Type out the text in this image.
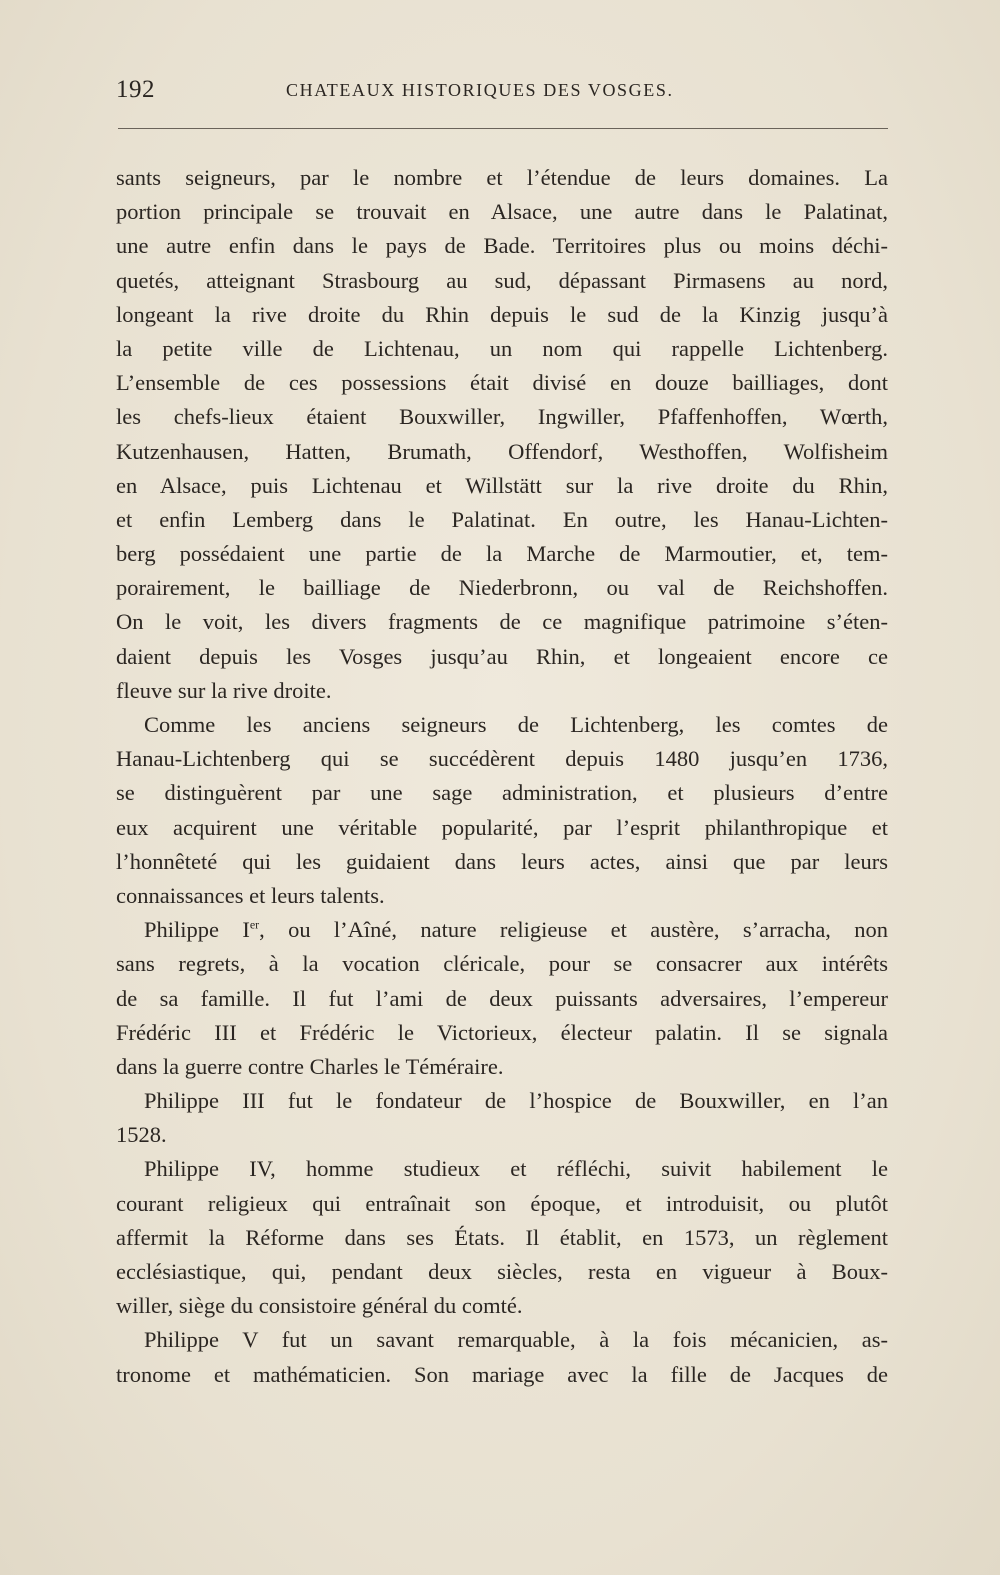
192	CHATEAUX HISTORIQUES DES VOSGES.
sants seigneurs, par le nombre et l’étendue de leurs domaines. La
portion principale se trouvait en Alsace, une autre dans le Palatinat,
une autre enfin dans le pays de Bade. Territoires plus ou moins déchi-
quetés, atteignant Strasbourg au sud, dépassant Pirmasens au nord,
longeant la rive droite du Rhin depuis le sud de la Kinzig jusqu’à
la petite ville de Lichtenau, un nom qui rappelle Lichtenberg.
L’ensemble de ces possessions était divisé en douze bailliages, dont
les chefs-lieux étaient Bouxwiller, Ingwiller, Pfaffenhoffen, Wœrth,
Kutzenhausen, Hatten, Brumath, Offendorf, Westhoffen, Wolfisheim
en Alsace, puis Lichtenau et Willstätt sur la rive droite du Rhin,
et enfin Lemberg dans le Palatinat. En outre, les Hanau-Lichten-
berg possédaient une partie de la Marche de Marmoutier, et, tem-
porairement, le bailliage de Niederbronn, ou val de Reichshoffen.
On le voit, les divers fragments de ce magnifique patrimoine s’éten-
daient depuis les Vosges jusqu’au Rhin, et longeaient encore ce
fleuve sur la rive droite.
Comme les anciens seigneurs de Lichtenberg, les comtes de
Hanau-Lichtenberg qui se succédèrent depuis 1480 jusqu’en 1736,
se distinguèrent par une sage administration, et plusieurs d’entre
eux acquirent une véritable popularité, par l’esprit philanthropique et
l’honnêteté qui les guidaient dans leurs actes, ainsi que par leurs
connaissances et leurs talents.
Philippe Ier, ou l’Aîné, nature religieuse et austère, s’arracha, non
sans regrets, à la vocation cléricale, pour se consacrer aux intérêts
de sa famille. Il fut l’ami de deux puissants adversaires, l’empereur
Frédéric III et Frédéric le Victorieux, électeur palatin. Il se signala
dans la guerre contre Charles le Téméraire.
Philippe III fut le fondateur de l’hospice de Bouxwiller, en l’an
1528.
Philippe IV, homme studieux et réfléchi, suivit habilement le
courant religieux qui entraînait son époque, et introduisit, ou plutôt
affermit la Réforme dans ses États. Il établit, en 1573, un règlement
ecclésiastique, qui, pendant deux siècles, resta en vigueur à Boux-
willer, siège du consistoire général du comté.
Philippe V fut un savant remarquable, à la fois mécanicien, as-
tronome et mathématicien. Son mariage avec la fille de Jacques de
